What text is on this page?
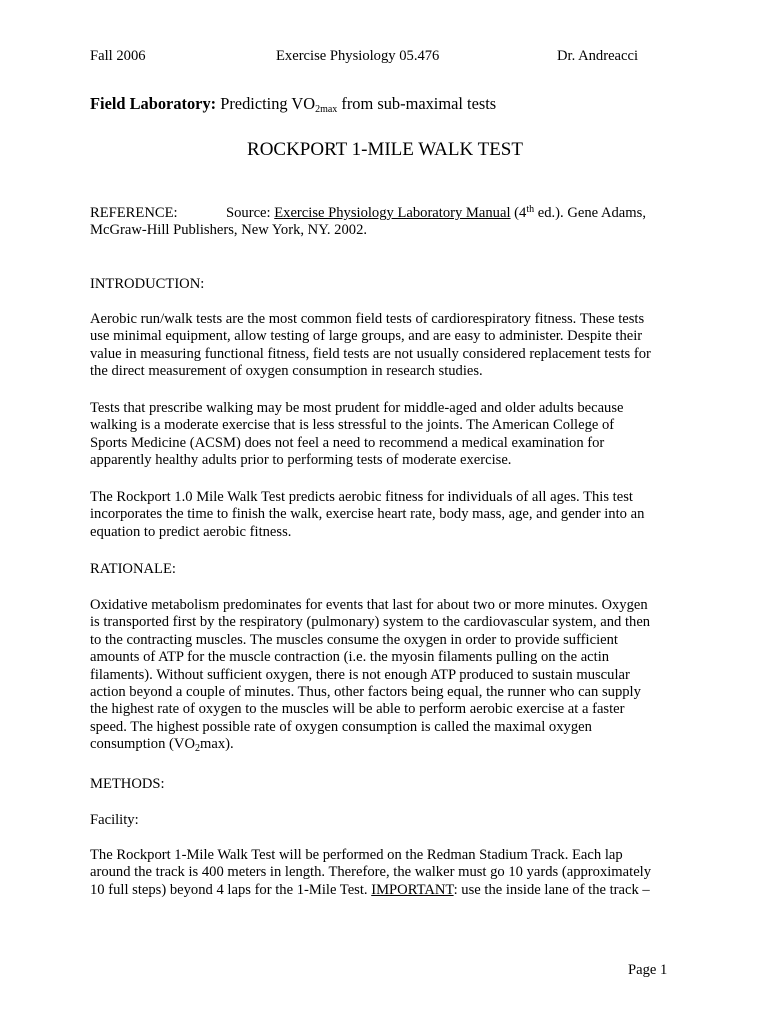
Fall 2006	Exercise Physiology 05.476	Dr. Andreacci
Field Laboratory: Predicting $VO_{2max}$ from sub-maximal tests
ROCKPORT 1-MILE WALK TEST
REFERENCE:	Source: Exercise Physiology Laboratory Manual (4th ed.). Gene Adams,
McGraw-Hill Publishers, New York, NY. 2002.
INTRODUCTION:
Aerobic run/walk tests are the most common field tests of cardiorespiratory fitness. These tests
use minimal equipment, allow testing of large groups, and are easy to administer. Despite their
value in measuring functional fitness, field tests are not usually considered replacement tests for
the direct measurement of oxygen consumption in research studies.
Tests that prescribe walking may be most prudent for middle-aged and older adults because
walking is a moderate exercise that is less stressful to the joints. The American College of
Sports Medicine (ACSM) does not feel a need to recommend a medical examination for
apparently healthy adults prior to performing tests of moderate exercise.
The Rockport 1.0 Mile Walk Test predicts aerobic fitness for individuals of all ages. This test
incorporates the time to finish the walk, exercise heart rate, body mass, age, and gender into an
equation to predict aerobic fitness.
RATIONALE:
Oxidative metabolism predominates for events that last for about two or more minutes. Oxygen
is transported first by the respiratory (pulmonary) system to the cardiovascular system, and then
to the contracting muscles. The muscles consume the oxygen in order to provide sufficient
amounts of ATP for the muscle contraction (i.e. the myosin filaments pulling on the actin
filaments). Without sufficient oxygen, there is not enough ATP produced to sustain muscular
action beyond a couple of minutes. Thus, other factors being equal, the runner who can supply
the highest rate of oxygen to the muscles will be able to perform aerobic exercise at a faster
speed. The highest possible rate of oxygen consumption is called the maximal oxygen
consumption $(VO_2\max)$.
METHODS:
Facility:
The Rockport 1-Mile Walk Test will be performed on the Redman Stadium Track. Each lap
around the track is 400 meters in length. Therefore, the walker must go 10 yards (approximately
10 full steps) beyond 4 laps for the 1-Mile Test. IMPORTANT: use the inside lane of the track –
Page 1
